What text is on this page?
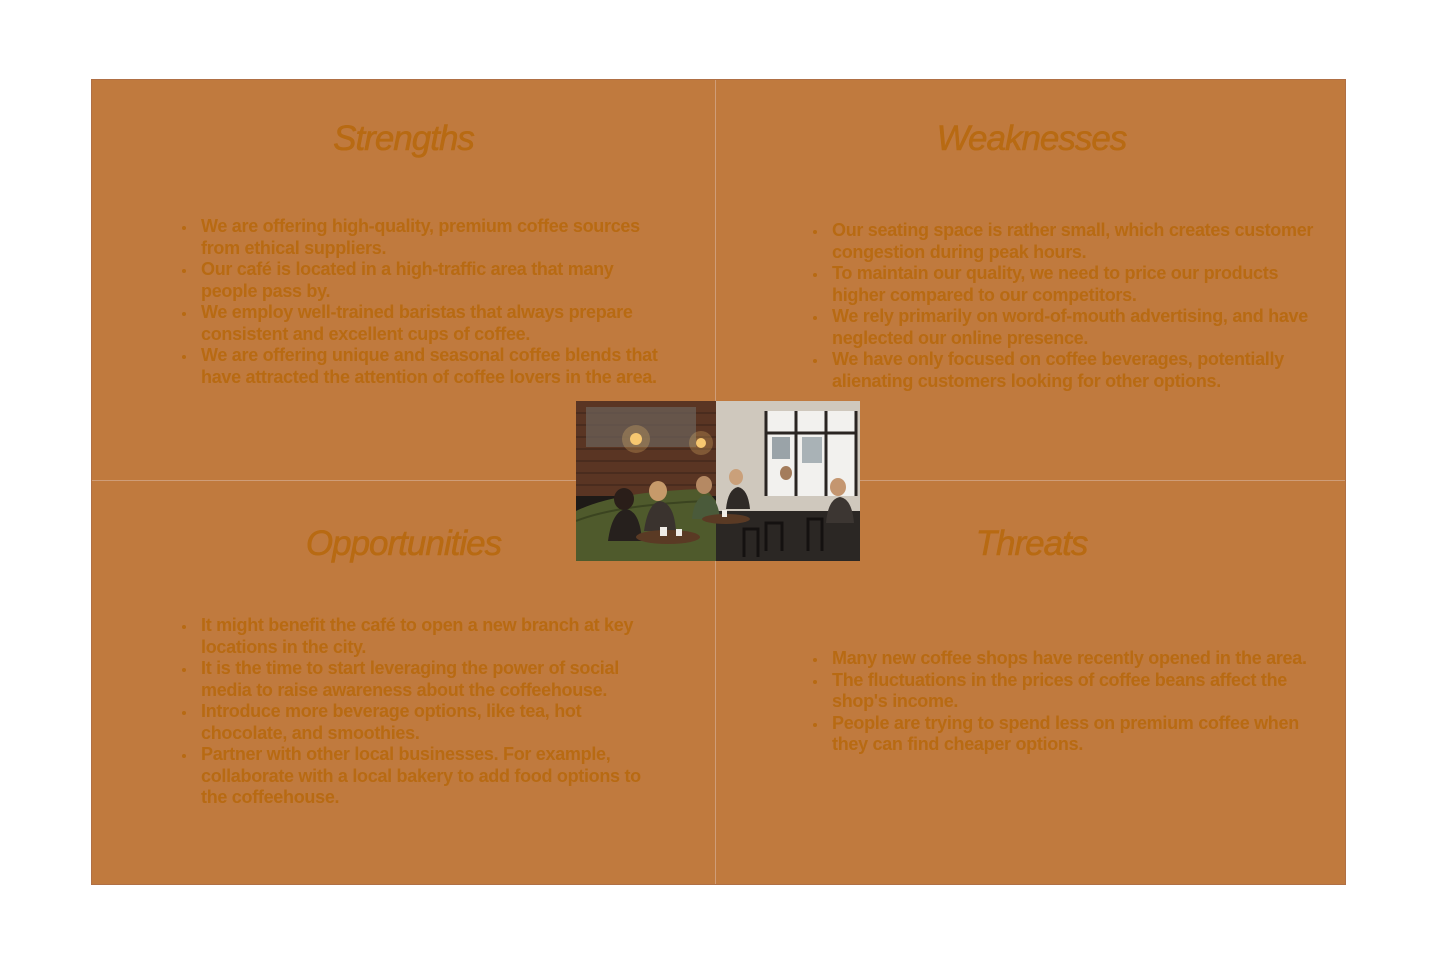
Strengths
• We are offering high-quality, premium coffee sources from ethical suppliers.
• Our café is located in a high-traffic area that many people pass by.
• We employ well-trained baristas that always prepare consistent and excellent cups of coffee.
• We are offering unique and seasonal coffee blends that have attracted the attention of coffee lovers in the area.
Weaknesses
• Our seating space is rather small, which creates customer congestion during peak hours.
• To maintain our quality, we need to price our products higher compared to our competitors.
• We rely primarily on word-of-mouth advertising, and have neglected our online presence.
• We have only focused on coffee beverages, potentially alienating customers looking for other options.
Opportunities
• It might benefit the café to open a new branch at key locations in the city.
• It is the time to start leveraging the power of social media to raise awareness about the coffeehouse.
• Introduce more beverage options, like tea, hot chocolate, and smoothies.
• Partner with other local businesses. For example, collaborate with a local bakery to add food options to the coffeehouse.
Threats
• Many new coffee shops have recently opened in the area.
• The fluctuations in the prices of coffee beans affect the shop's income.
• People are trying to spend less on premium coffee when they can find cheaper options.
